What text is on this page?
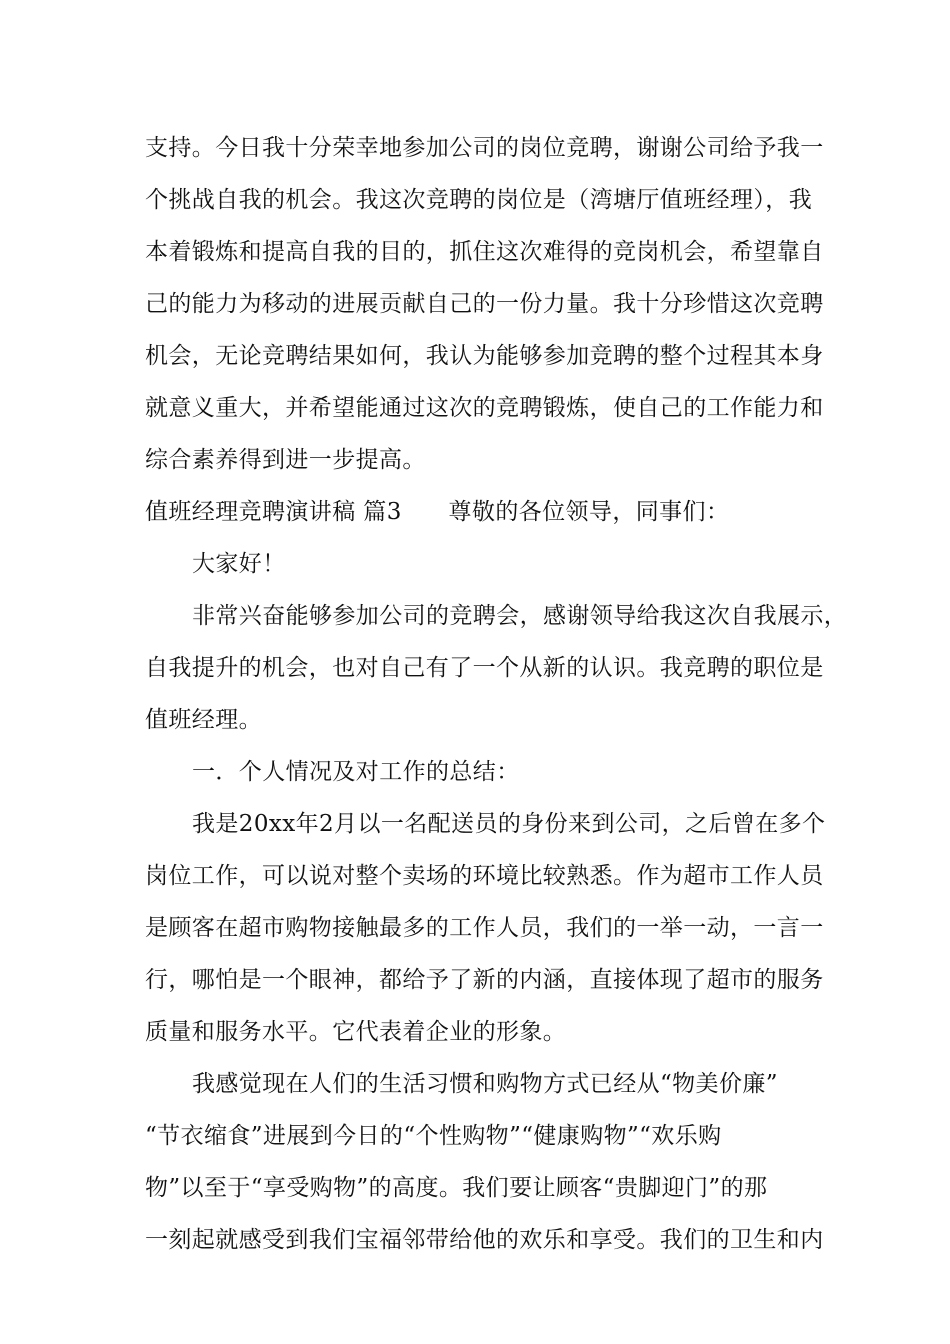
支持。今日我十分荣幸地参加公司的岗位竞聘，谢谢公司给予我一
个挑战自我的机会。我这次竞聘的岗位是（湾塘厅值班经理），我
本着锻炼和提高自我的目的，抓住这次难得的竞岗机会，希望靠自
己的能力为移动的进展贡献自己的一份力量。我十分珍惜这次竞聘
机会，无论竞聘结果如何，我认为能够参加竞聘的整个过程其本身
就意义重大，并希望能通过这次的竞聘锻炼，使自己的工作能力和
综合素养得到进一步提高。
值班经理竞聘演讲稿 篇3　　尊敬的各位领导，同事们：
大家好！
非常兴奋能够参加公司的竞聘会，感谢领导给我这次自我展示，
自我提升的机会，也对自己有了一个从新的认识。我竞聘的职位是
值班经理。
一．个人情况及对工作的总结：
我是20xx年2月以一名配送员的身份来到公司，之后曾在多个
岗位工作，可以说对整个卖场的环境比较熟悉。作为超市工作人员
是顾客在超市购物接触最多的工作人员，我们的一举一动，一言一
行，哪怕是一个眼神，都给予了新的内涵，直接体现了超市的服务
质量和服务水平。它代表着企业的形象。
我感觉现在人们的生活习惯和购物方式已经从“物美价廉”
“节衣缩食”进展到今日的“个性购物”“健康购物”“欢乐购
物”以至于“享受购物”的高度。我们要让顾客“贵脚迎门”的那
一刻起就感受到我们宝福邻带给他的欢乐和享受。我们的卫生和内
